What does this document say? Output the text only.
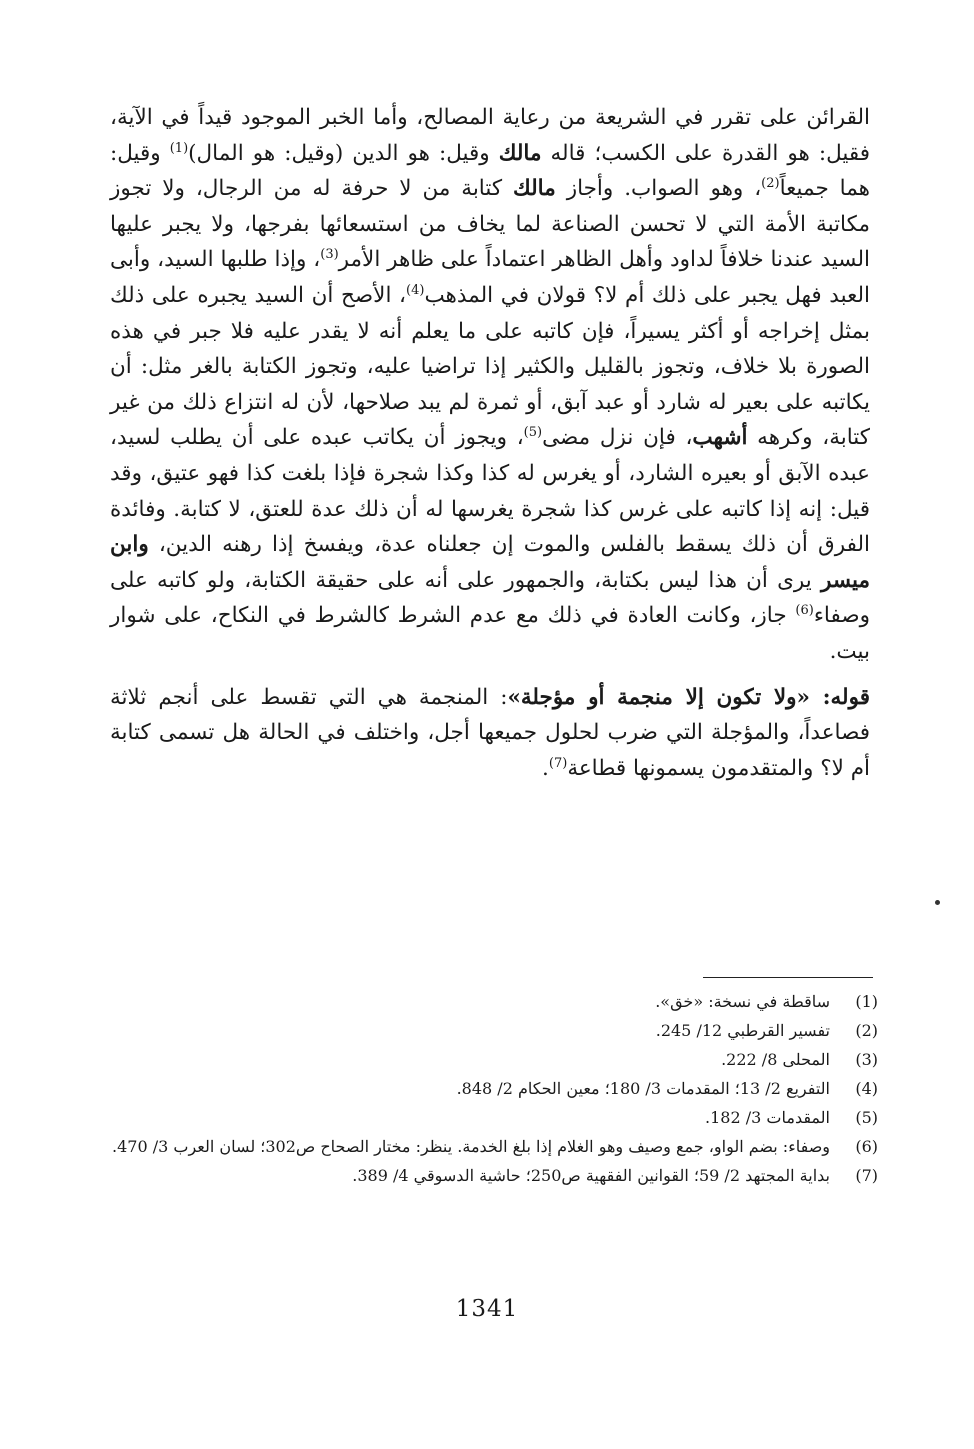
القرائن على تقرر في الشريعة من رعاية المصالح، وأما الخبر الموجود قيداً في الآية، فقيل: هو القدرة على الكسب؛ قاله مالك وقيل: هو الدين (وقيل: هو المال)$^{(1)}$ وقيل: هما جميعاً$^{(2)}$، وهو الصواب. وأجاز مالك كتابة من لا حرفة له من الرجال، ولا تجوز مكاتبة الأمة التي لا تحسن الصناعة لما يخاف من استسعائها بفرجها، ولا يجبر عليها السيد عندنا خلافاً لداود وأهل الظاهر اعتماداً على ظاهر الأمر$^{(3)}$، وإذا طلبها السيد، وأبى العبد فهل يجبر على ذلك أم لا؟ قولان في المذهب$^{(4)}$، الأصح أن السيد يجبره على ذلك بمثل إخراجه أو أكثر يسيراً، فإن كاتبه على ما يعلم أنه لا يقدر عليه فلا جبر في هذه الصورة بلا خلاف، وتجوز بالقليل والكثير إذا تراضيا عليه، وتجوز الكتابة بالغر مثل: أن يكاتبه على بعير له شارد أو عبد آبق، أو ثمرة لم يبد صلاحها، لأن له انتزاع ذلك من غير كتابة، وكرهه أشهب، فإن نزل مضى$^{(5)}$، ويجوز أن يكاتب عبده على أن يطلب لسيد، عبده الآبق أو بعيره الشارد، أو يغرس له كذا وكذا شجرة فإذا بلغت كذا فهو عتيق، وقد قيل: إنه إذا كاتبه على غرس كذا شجرة يغرسها له أن ذلك عدة للعتق، لا كتابة. وفائدة الفرق أن ذلك يسقط بالفلس والموت إن جعلناه عدة، ويفسخ إذا رهنه الدين، وابن ميسر يرى أن هذا ليس بكتابة، والجمهور على أنه على حقيقة الكتابة، ولو كاتبه على وصفاء$^{(6)}$ جاز، وكانت العادة في ذلك مع عدم الشرط كالشرط في النكاح، على شوار بيت.

قوله: «ولا تكون إلا منجمة أو مؤجلة»: المنجمة هي التي تقسط على أنجم ثلاثة فصاعداً، والمؤجلة التي ضرب لحلول جميعها أجل، واختلف في الحالة هل تسمى كتابة أم لا؟ والمتقدمون يسمونها قطاعة$^{(7)}$.

(1)
ساقطة في نسخة: «خق».
(2)
تفسير القرطبي 12/ 245.
(3)
المحلى 8/ 222.
(4)
التفريع 2/ 13؛ المقدمات 3/ 180؛ معين الحكام 2/ 848.
(5)
المقدمات 3/ 182.
(6)
وصفاء: بضم الواو، جمع وصيف وهو الغلام إذا بلغ الخدمة. ينظر: مختار الصحاح ص302؛ لسان العرب 3/ 470.
(7)
بداية المجتهد 2/ 59؛ القوانين الفقهية ص250؛ حاشية الدسوقي 4/ 389.
1341
